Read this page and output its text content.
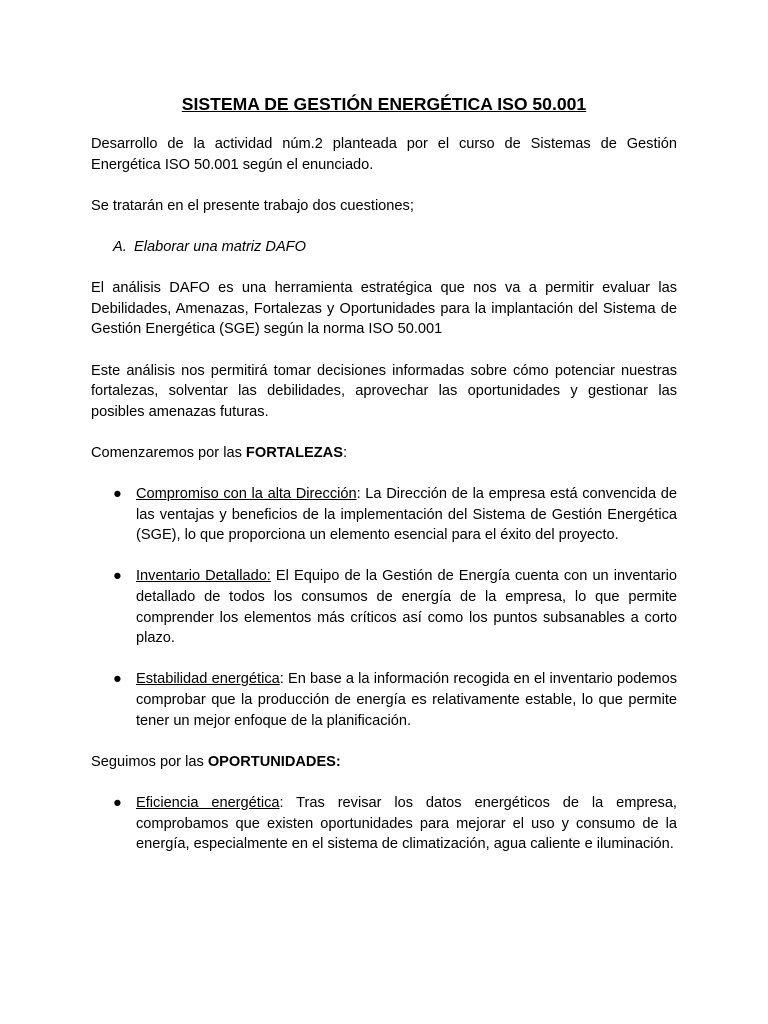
SISTEMA DE GESTIÓN ENERGÉTICA ISO 50.001

Desarrollo de la actividad núm.2 planteada por el curso de Sistemas de Gestión Energética ISO 50.001 según el enunciado.

Se tratarán en el presente trabajo dos cuestiones;

A. Elaborar una matriz DAFO

El análisis DAFO es una herramienta estratégica que nos va a permitir evaluar las Debilidades, Amenazas, Fortalezas y Oportunidades para la implantación del Sistema de Gestión Energética (SGE) según la norma ISO 50.001

Este análisis nos permitirá tomar decisiones informadas sobre cómo potenciar nuestras fortalezas, solventar las debilidades, aprovechar las oportunidades y gestionar las posibles amenazas futuras.

Comenzaremos por las FORTALEZAS:
● Compromiso con la alta Dirección: La Dirección de la empresa está convencida de las ventajas y beneficios de la implementación del Sistema de Gestión Energética (SGE), lo que proporciona un elemento esencial para el éxito del proyecto.
● Inventario Detallado: El Equipo de la Gestión de Energía cuenta con un inventario detallado de todos los consumos de energía de la empresa, lo que permite comprender los elementos más críticos así como los puntos subsanables a corto plazo.
● Estabilidad energética: En base a la información recogida en el inventario podemos comprobar que la producción de energía es relativamente estable, lo que permite tener un mejor enfoque de la planificación.
Seguimos por las OPORTUNIDADES:
● Eficiencia energética: Tras revisar los datos energéticos de la empresa, comprobamos que existen oportunidades para mejorar el uso y consumo de la energía, especialmente en el sistema de climatización, agua caliente e iluminación.
